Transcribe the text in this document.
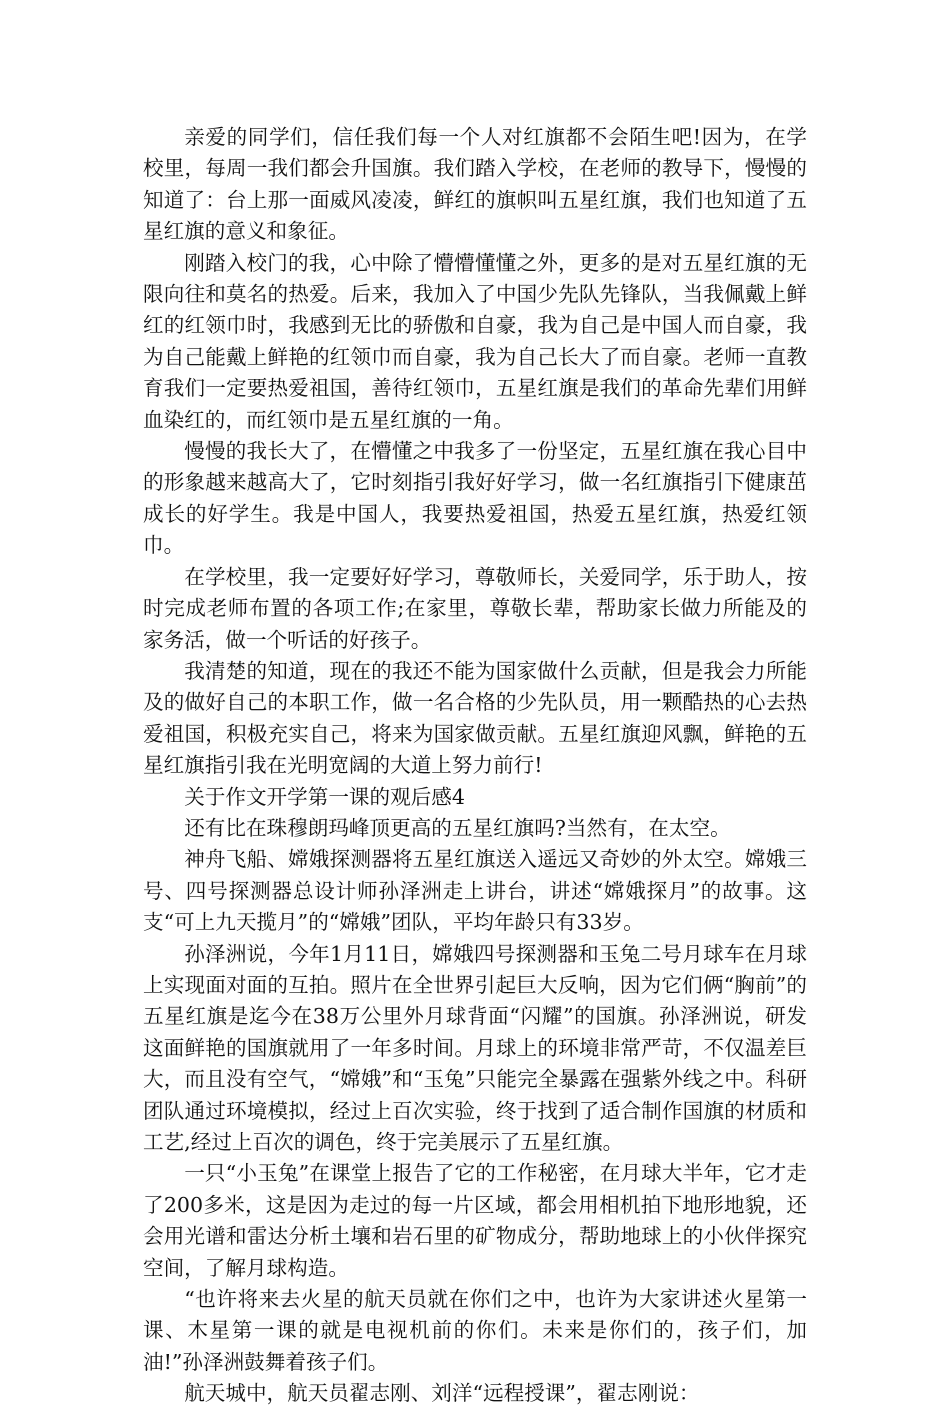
亲爱的同学们，信任我们每一个人对红旗都不会陌生吧!因为，在学校里，每周一我们都会升国旗。我们踏入学校，在老师的教导下，慢慢的知道了：台上那一面威风凌凌，鲜红的旗帜叫五星红旗，我们也知道了五星红旗的意义和象征。

刚踏入校门的我，心中除了懵懵懂懂之外，更多的是对五星红旗的无限向往和莫名的热爱。后来，我加入了中国少先队先锋队，当我佩戴上鲜红的红领巾时，我感到无比的骄傲和自豪，我为自己是中国人而自豪，我为自己能戴上鲜艳的红领巾而自豪，我为自己长大了而自豪。老师一直教育我们一定要热爱祖国，善待红领巾，五星红旗是我们的革命先辈们用鲜血染红的，而红领巾是五星红旗的一角。

慢慢的我长大了，在懵懂之中我多了一份坚定，五星红旗在我心目中的形象越来越高大了，它时刻指引我好好学习，做一名红旗指引下健康茁成长的好学生。我是中国人，我要热爱祖国，热爱五星红旗，热爱红领巾。

在学校里，我一定要好好学习，尊敬师长，关爱同学，乐于助人，按时完成老师布置的各项工作;在家里，尊敬长辈，帮助家长做力所能及的家务活，做一个听话的好孩子。

我清楚的知道，现在的我还不能为国家做什么贡献，但是我会力所能及的做好自己的本职工作，做一名合格的少先队员，用一颗酷热的心去热爱祖国，积极充实自己，将来为国家做贡献。五星红旗迎风飘，鲜艳的五星红旗指引我在光明宽阔的大道上努力前行!

关于作文开学第一课的观后感4

还有比在珠穆朗玛峰顶更高的五星红旗吗?当然有，在太空。

神舟飞船、嫦娥探测器将五星红旗送入遥远又奇妙的外太空。嫦娥三号、四号探测器总设计师孙泽洲走上讲台，讲述“嫦娥探月”的故事。这支“可上九天揽月”的“嫦娥”团队，平均年龄只有33岁。

孙泽洲说，今年1月11日，嫦娥四号探测器和玉兔二号月球车在月球上实现面对面的互拍。照片在全世界引起巨大反响，因为它们俩“胸前”的五星红旗是迄今在38万公里外月球背面“闪耀”的国旗。孙泽洲说，研发这面鲜艳的国旗就用了一年多时间。月球上的环境非常严苛，不仅温差巨大，而且没有空气，“嫦娥”和“玉兔”只能完全暴露在强紫外线之中。科研团队通过环境模拟，经过上百次实验，终于找到了适合制作国旗的材质和工艺,经过上百次的调色，终于完美展示了五星红旗。

一只“小玉兔”在课堂上报告了它的工作秘密，在月球大半年，它才走了200多米，这是因为走过的每一片区域，都会用相机拍下地形地貌，还会用光谱和雷达分析土壤和岩石里的矿物成分，帮助地球上的小伙伴探究空间，了解月球构造。

“也许将来去火星的航天员就在你们之中，也许为大家讲述火星第一课、木星第一课的就是电视机前的你们。未来是你们的，孩子们，加油!”孙泽洲鼓舞着孩子们。

航天城中，航天员翟志刚、刘洋“远程授课”，翟志刚说：
